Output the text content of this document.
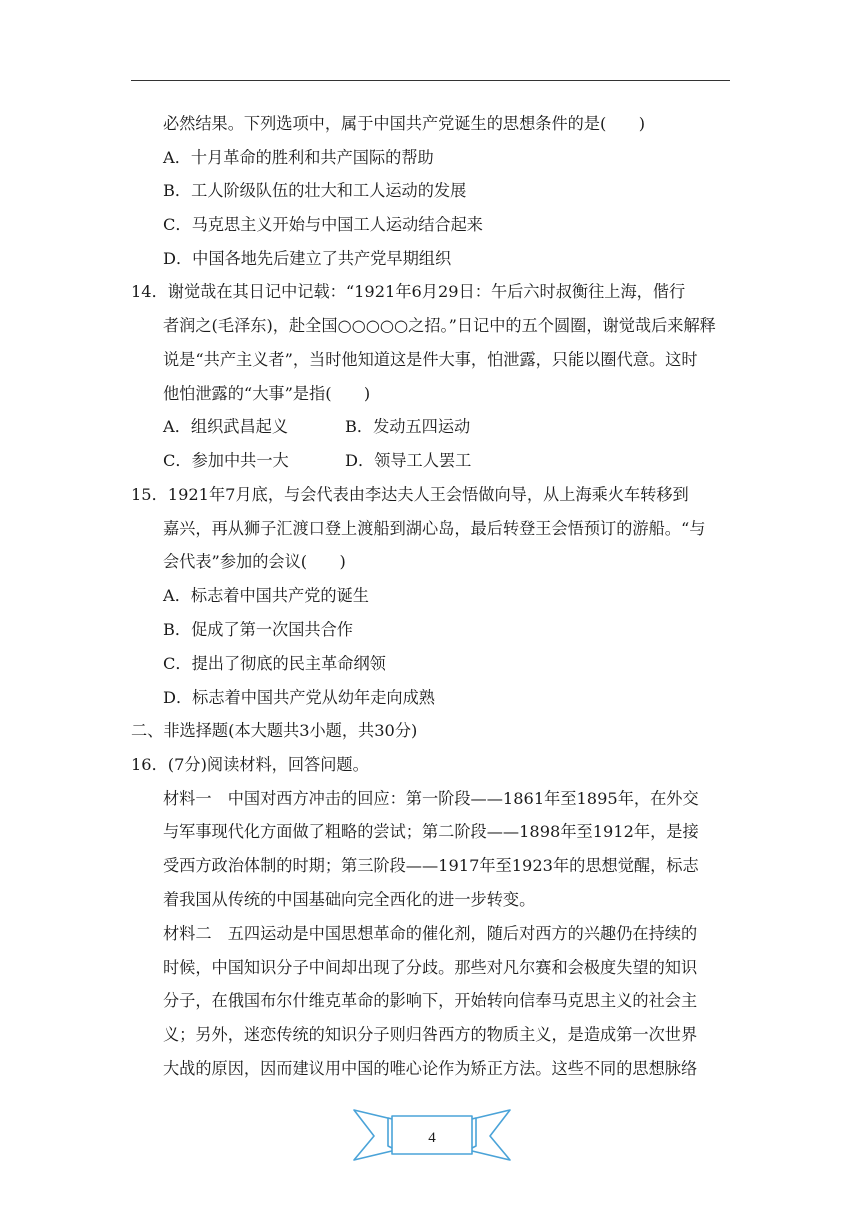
必然结果。下列选项中，属于中国共产党诞生的思想条件的是(　　)
A．十月革命的胜利和共产国际的帮助
B．工人阶级队伍的壮大和工人运动的发展
C．马克思主义开始与中国工人运动结合起来
D．中国各地先后建立了共产党早期组织
14．谢觉哉在其日记中记载：“1921年6月29日：午后六时叔衡往上海，偕行
者润之(毛泽东)，赴全国○○○○○之招。”日记中的五个圆圈，谢觉哉后来解释
说是“共产主义者”，当时他知道这是件大事，怕泄露，只能以圈代意。这时
他怕泄露的“大事”是指(　　)
A．组织武昌起义	B．发动五四运动
C．参加中共一大	D．领导工人罢工
15．1921年7月底，与会代表由李达夫人王会悟做向导，从上海乘火车转移到
嘉兴，再从狮子汇渡口登上渡船到湖心岛，最后转登王会悟预订的游船。“与
会代表”参加的会议(　　)
A．标志着中国共产党的诞生
B．促成了第一次国共合作
C．提出了彻底的民主革命纲领
D．标志着中国共产党从幼年走向成熟
二、非选择题(本大题共3小题，共30分)
16．(7分)阅读材料，回答问题。
材料一　中国对西方冲击的回应：第一阶段——1861年至1895年，在外交
与军事现代化方面做了粗略的尝试；第二阶段——1898年至1912年，是接
受西方政治体制的时期；第三阶段——1917年至1923年的思想觉醒，标志
着我国从传统的中国基础向完全西化的进一步转变。
材料二　五四运动是中国思想革命的催化剂，随后对西方的兴趣仍在持续的
时候，中国知识分子中间却出现了分歧。那些对凡尔赛和会极度失望的知识
分子，在俄国布尔什维克革命的影响下，开始转向信奉马克思主义的社会主
义；另外，迷恋传统的知识分子则归咎西方的物质主义，是造成第一次世界
大战的原因，因而建议用中国的唯心论作为矫正方法。这些不同的思想脉络
4
